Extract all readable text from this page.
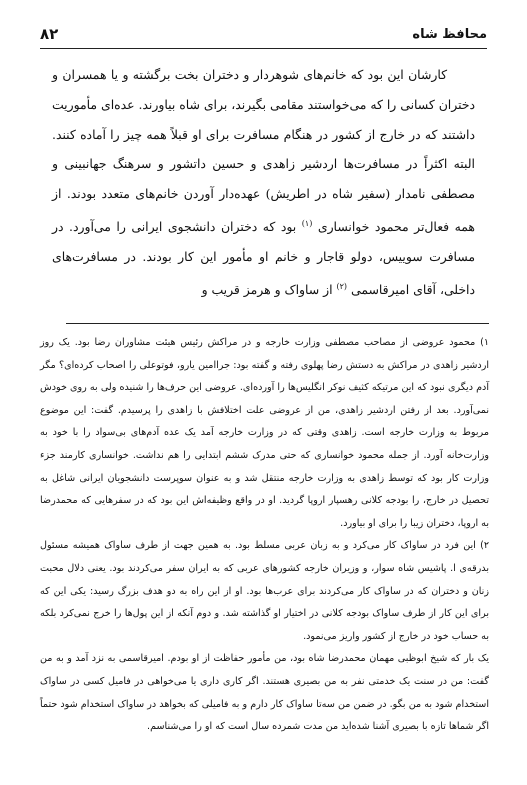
۸۲	محافظ شاه

کارشان این بود که خانم‌های شوهردار و دختران بخت برگشته و یا همسران و دختران کسانی را که می‌خواستند مقامی بگیرند، برای شاه بیاورند. عده‌ای مأموریت داشتند که در خارج از کشور در هنگام مسافرت برای او قبلاً همه چیز را آماده کنند. البته اکثراً در مسافرت‌ها اردشیر زاهدی و حسین داتشور و سرهنگ جهانبینی و مصطفی نامدار (سفیر شاه در اطریش) عهده‌دار آوردن خانم‌های متعدد بودند. از همه فعال‌تر محمود خوانساری $^{(۱)}$ بود که دختران دانشجوی ایرانی را می‌آورد. در مسافرت سوییس، دولو قاجار و خانم او مأمور این کار بودند. در مسافرت‌های داخلی، آقای امیرقاسمی $^{(۲)}$ از ساواک و هرمز قریب و

۱) محمود عروضی از مصاحب مصطفی وزارت خارجه و در مراکش رئیس هیئت مشاوران رضا بود. یک روز اردشیر زاهدی در مراکش به دستش رضا پهلوی رفته و گفته بود: جراامین یارو، فوتوعلی را اصحاب کرده‌ای؟ مگر آدم دیگری نبود که این مرتیکه کثیف نوکر انگلیس‌ها را آورده‌ای. عروضی این حرف‌ها را شنیده ولی به روی خودش نمی‌آورد. بعد از رفتن اردشیر زاهدی، من از عروضی علت اختلافش با زاهدی را پرسیدم. گفت: این موضوع مربوط به وزارت خارجه است. زاهدی وقتی که در وزارت خارجه آمد یک عده آدم‌های بی‌سواد را با خود به وزارت‌خانه آورد. از جمله محمود خوانساری که حتی مدرک ششم ابتدایی را هم نداشت. خوانساری کارمند جزء وزارت کار بود که توسط زاهدی به وزارت خارجه منتقل شد و به عنوان سوپرست دانشجویان ایرانی شاغل به تحصیل در خارج، را بودجه کلانی رهسپار اروپا گردید. او در واقع وظیفه‌اش این بود که در سفرهایی که محمدرضا به اروپا، دختران زیبا را برای او بیاورد.

۲) این فرد در ساواک کار می‌کرد و به زبان عربی مسلط بود. به همین جهت از طرف ساواک همیشه مسئول بدرقه‌ی ا. پاشیس شاه سوار، و وزیران خارجه کشورهای عربی که به ایران سفر می‌کردند بود. یعنی دلال محبت زنان و دختران که در ساواک کار می‌کردند برای عرب‌ها بود. او از این راه به دو هدف بزرگ رسید: یکی این که برای این کار از طرف ساواک بودجه کلانی در اختیار او گذاشته شد. و دوم آنکه از این پول‌ها را خرج نمی‌کرد بلکه به حساب خود در خارج از کشور واریز می‌نمود.

یک بار که شیخ ابوظبی مهمان محمدرضا شاه بود، من مأمور حفاظت از او بودم. امیرقاسمی به نزد آمد و به من گفت: من در سنت یک خدمتی نفر به من بصیری هستند. اگر کاری داری یا می‌خواهی در فامیل کسی در ساواک استخدام شود به من بگو. در ضمن من سه‌تا ساواک کار دارم و به فامیلی که بخواهد در ساواک استخدام شود حتماً اگر شماها تازه با بصیری آشنا شده‌اید من مدت شمرده سال است که او را می‌شناسم.
